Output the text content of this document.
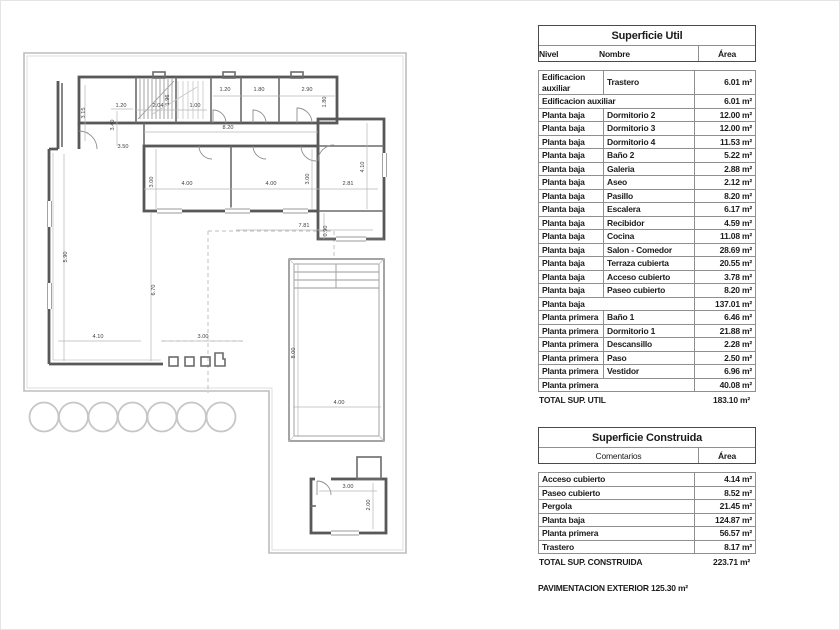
1.20	1.80	2.90
1.80
1.20	2.04
1.96
1.00
3.15
3.40	8.20
3.50
3.00	4.00	4.00	3.00	2.81
4.10
7.81 0.90
5.90
6.70
4.10	3.00
8.00
4.00
3.00
2.00
Superficie Util
Nivel	Nombre	Área
Edificacion auxiliar	Trastero	6.01 m²
Edificacion auxiliar		6.01 m²
Planta baja	Dormitorio 2	12.00 m²
Planta baja	Dormitorio 3	12.00 m²
Planta baja	Dormitorio 4	11.53 m²
Planta baja	Baño 2	5.22 m²
Planta baja	Galeria	2.88 m²
Planta baja	Aseo	2.12 m²
Planta baja	Pasillo	8.20 m²
Planta baja	Escalera	6.17 m²
Planta baja	Recibidor	4.59 m²
Planta baja	Cocina	11.08 m²
Planta baja	Salon - Comedor	28.69 m²
Planta baja	Terraza cubierta	20.55 m²
Planta baja	Acceso cubierto	3.78 m²
Planta baja	Paseo cubierto	8.20 m²
Planta baja		137.01 m²
Planta primera	Baño 1	6.46 m²
Planta primera	Dormitorio 1	21.88 m²
Planta primera	Descansillo	2.28 m²
Planta primera	Paso	2.50 m²
Planta primera	Vestidor	6.96 m²
Planta primera		40.08 m²
TOTAL SUP. UTIL	183.10 m²
Superficie Construida
Comentarios	Área
Acceso cubierto	4.14 m²
Paseo cubierto	8.52 m²
Pergola	21.45 m²
Planta baja	124.87 m²
Planta primera	56.57 m²
Trastero	8.17 m²
TOTAL SUP. CONSTRUIDA	223.71 m²
PAVIMENTACION EXTERIOR 125.30 m²
